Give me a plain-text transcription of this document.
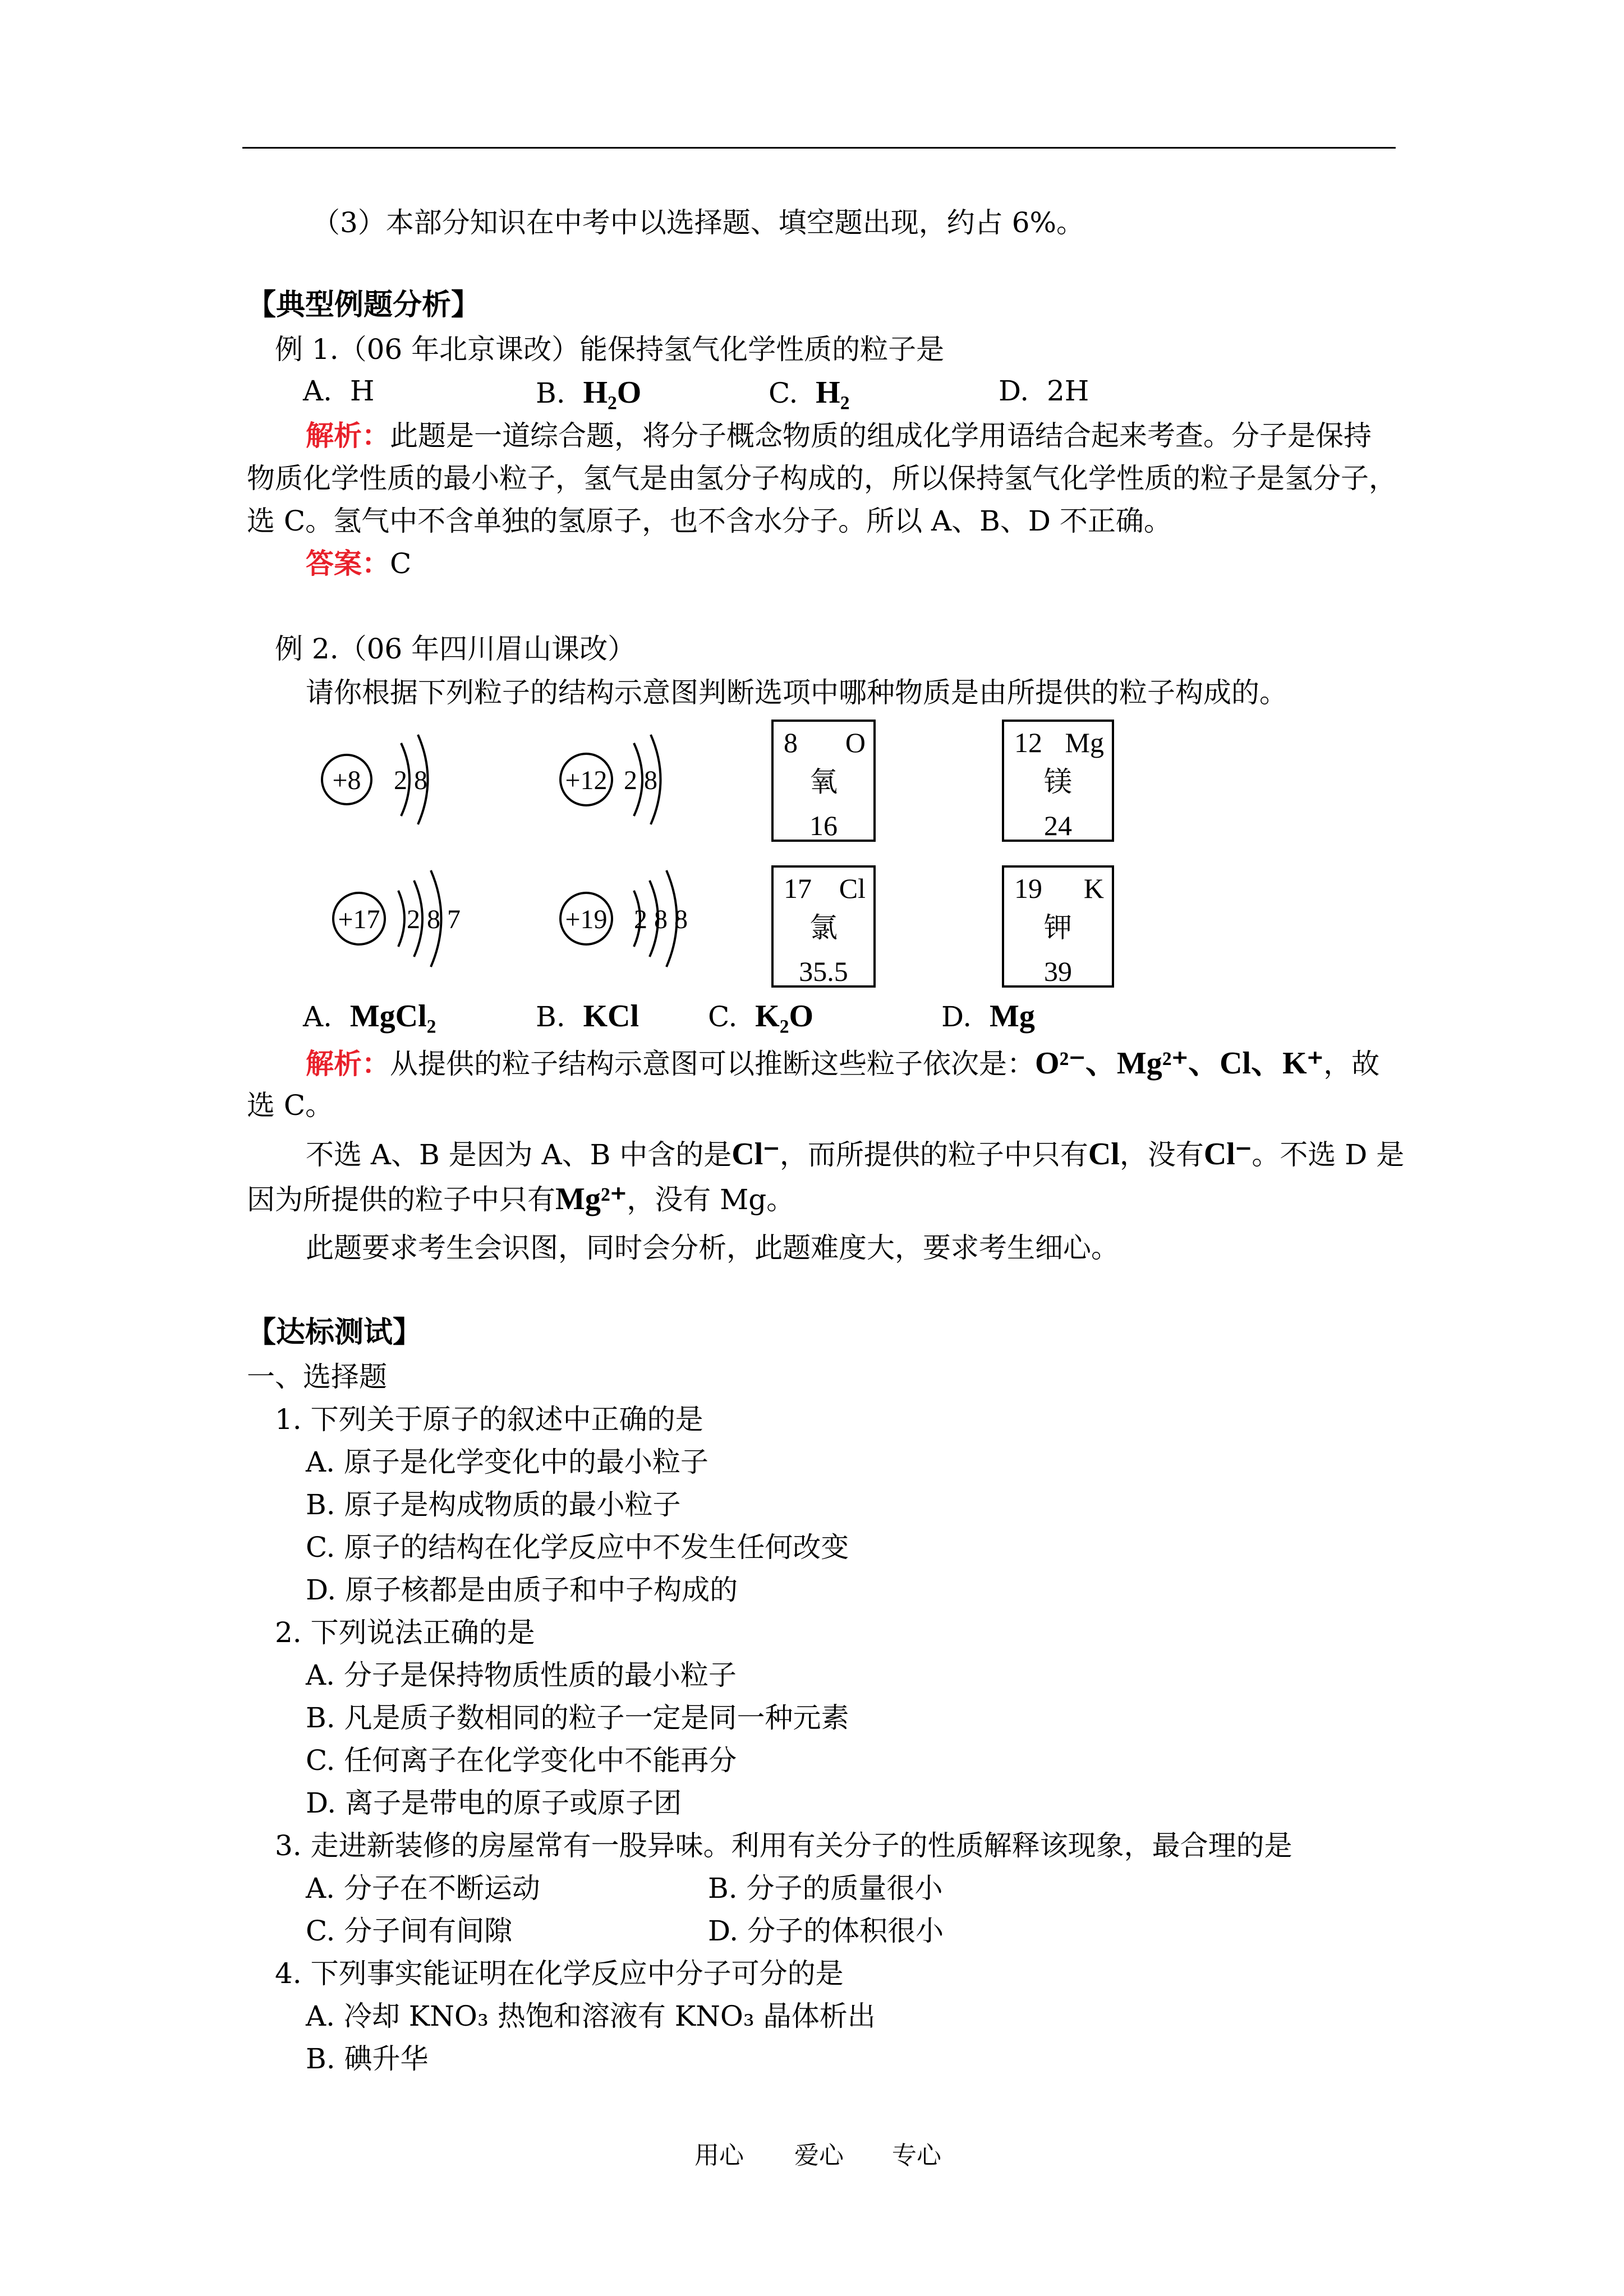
（3）本部分知识在中考中以选择题、填空题出现，约占 6%。
【典型例题分析】
例 1.（06 年北京课改）能保持氢气化学性质的粒子是
A. H	B. H₂O	C. H₂	D. 2H
解析：此题是一道综合题，将分子概念物质的组成化学用语结合起来考查。分子是保持
物质化学性质的最小粒子，氢气是由氢分子构成的，所以保持氢气化学性质的粒子是氢分子，
选 C。氢气中不含单独的氢原子，也不含水分子。所以 A、B、D 不正确。
答案：C
例 2.（06 年四川眉山课改）
请你根据下列粒子的结构示意图判断选项中哪种物质是由所提供的粒子构成的。
+8 2 8	+12 2 8
+17 2 8 7	+19 2 8 8
8 O
氧
16
12 Mg
镁
24
17 Cl
氯
35.5
19 K
钾
39
A. MgCl₂	B. KCl C. K₂O	D. Mg
解析：从提供的粒子结构示意图可以推断这些粒子依次是：O²⁻、Mg²⁺、Cl、K⁺，故
选 C。
不选 A、B 是因为 A、B 中含的是Cl⁻，而所提供的粒子中只有Cl，没有Cl⁻。不选 D 是
因为所提供的粒子中只有Mg²⁺，没有 Mg。
此题要求考生会识图，同时会分析，此题难度大，要求考生细心。
【达标测试】
一、选择题
1. 下列关于原子的叙述中正确的是
A. 原子是化学变化中的最小粒子
B. 原子是构成物质的最小粒子
C. 原子的结构在化学反应中不发生任何改变
D. 原子核都是由质子和中子构成的
2. 下列说法正确的是
A. 分子是保持物质性质的最小粒子
B. 凡是质子数相同的粒子一定是同一种元素
C. 任何离子在化学变化中不能再分
D. 离子是带电的原子或原子团
3. 走进新装修的房屋常有一股异味。利用有关分子的性质解释该现象，最合理的是
A. 分子在不断运动	B. 分子的质量很小
C. 分子间有间隙	D. 分子的体积很小
4. 下列事实能证明在化学反应中分子可分的是
A. 冷却 KNO₃ 热饱和溶液有 KNO₃ 晶体析出
B. 碘升华
用心 爱心 专心
